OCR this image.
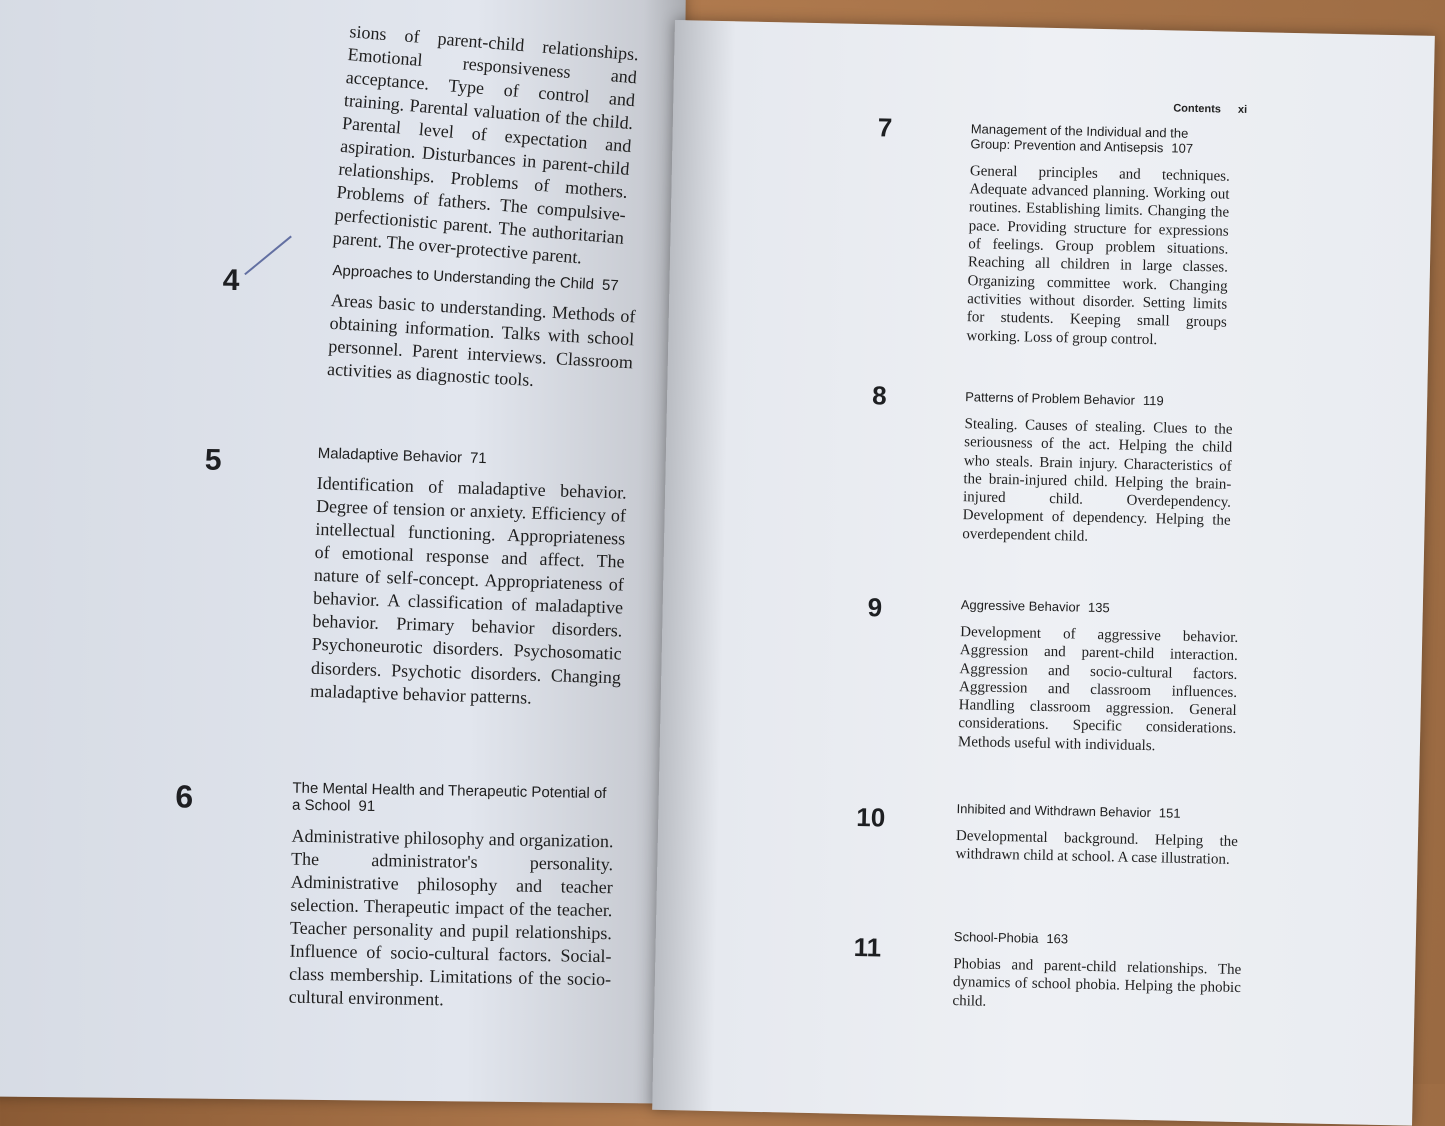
sions of parent-child relationships. Emotional responsiveness and acceptance. Type of control and training. Parental valuation of the child. Parental level of expectation and aspiration. Disturbances in parent-child relationships. Problems of mothers. Problems of fathers. The compulsive-perfectionistic parent. The authoritarian parent. The over-protective parent.
4	Approaches to Understanding the Child 57
Areas basic to understanding. Methods of obtaining information. Talks with school personnel. Parent interviews. Classroom activities as diagnostic tools.
5	Maladaptive Behavior 71
Identification of maladaptive behavior. Degree of tension or anxiety. Efficiency of intellectual functioning. Appropriateness of emotional response and affect. The nature of self-concept. Appropriateness of behavior. A classification of maladaptive behavior. Primary behavior disorders. Psychoneurotic disorders. Psychosomatic disorders. Psychotic disorders. Changing maladaptive behavior patterns.
6	The Mental Health and Therapeutic Potential of a School 91
Administrative philosophy and organization. The administrator's personality. Administrative philosophy and teacher selection. Therapeutic impact of the teacher. Teacher personality and pupil relationships. Influence of socio-cultural factors. Social-class membership. Limitations of the socio-cultural environment.
Contents xi
7	Management of the Individual and the Group: Prevention and Antisepsis 107
General principles and techniques. Adequate advanced planning. Working out routines. Establishing limits. Changing the pace. Providing structure for expressions of feelings. Group problem situations. Reaching all children in large classes. Organizing committee work. Changing activities without disorder. Setting limits for students. Keeping small groups working. Loss of group control.
8	Patterns of Problem Behavior 119
Stealing. Causes of stealing. Clues to the seriousness of the act. Helping the child who steals. Brain injury. Characteristics of the brain-injured child. Helping the brain-injured child. Overdependency. Development of dependency. Helping the overdependent child.
9	Aggressive Behavior 135
Development of aggressive behavior. Aggression and parent-child interaction. Aggression and socio-cultural factors. Aggression and classroom influences. Handling classroom aggression. General considerations. Specific considerations. Methods useful with individuals.
10	Inhibited and Withdrawn Behavior 151
Developmental background. Helping the withdrawn child at school. A case illustration.
11	School-Phobia 163
Phobias and parent-child relationships. The dynamics of school phobia. Helping the phobic child.
